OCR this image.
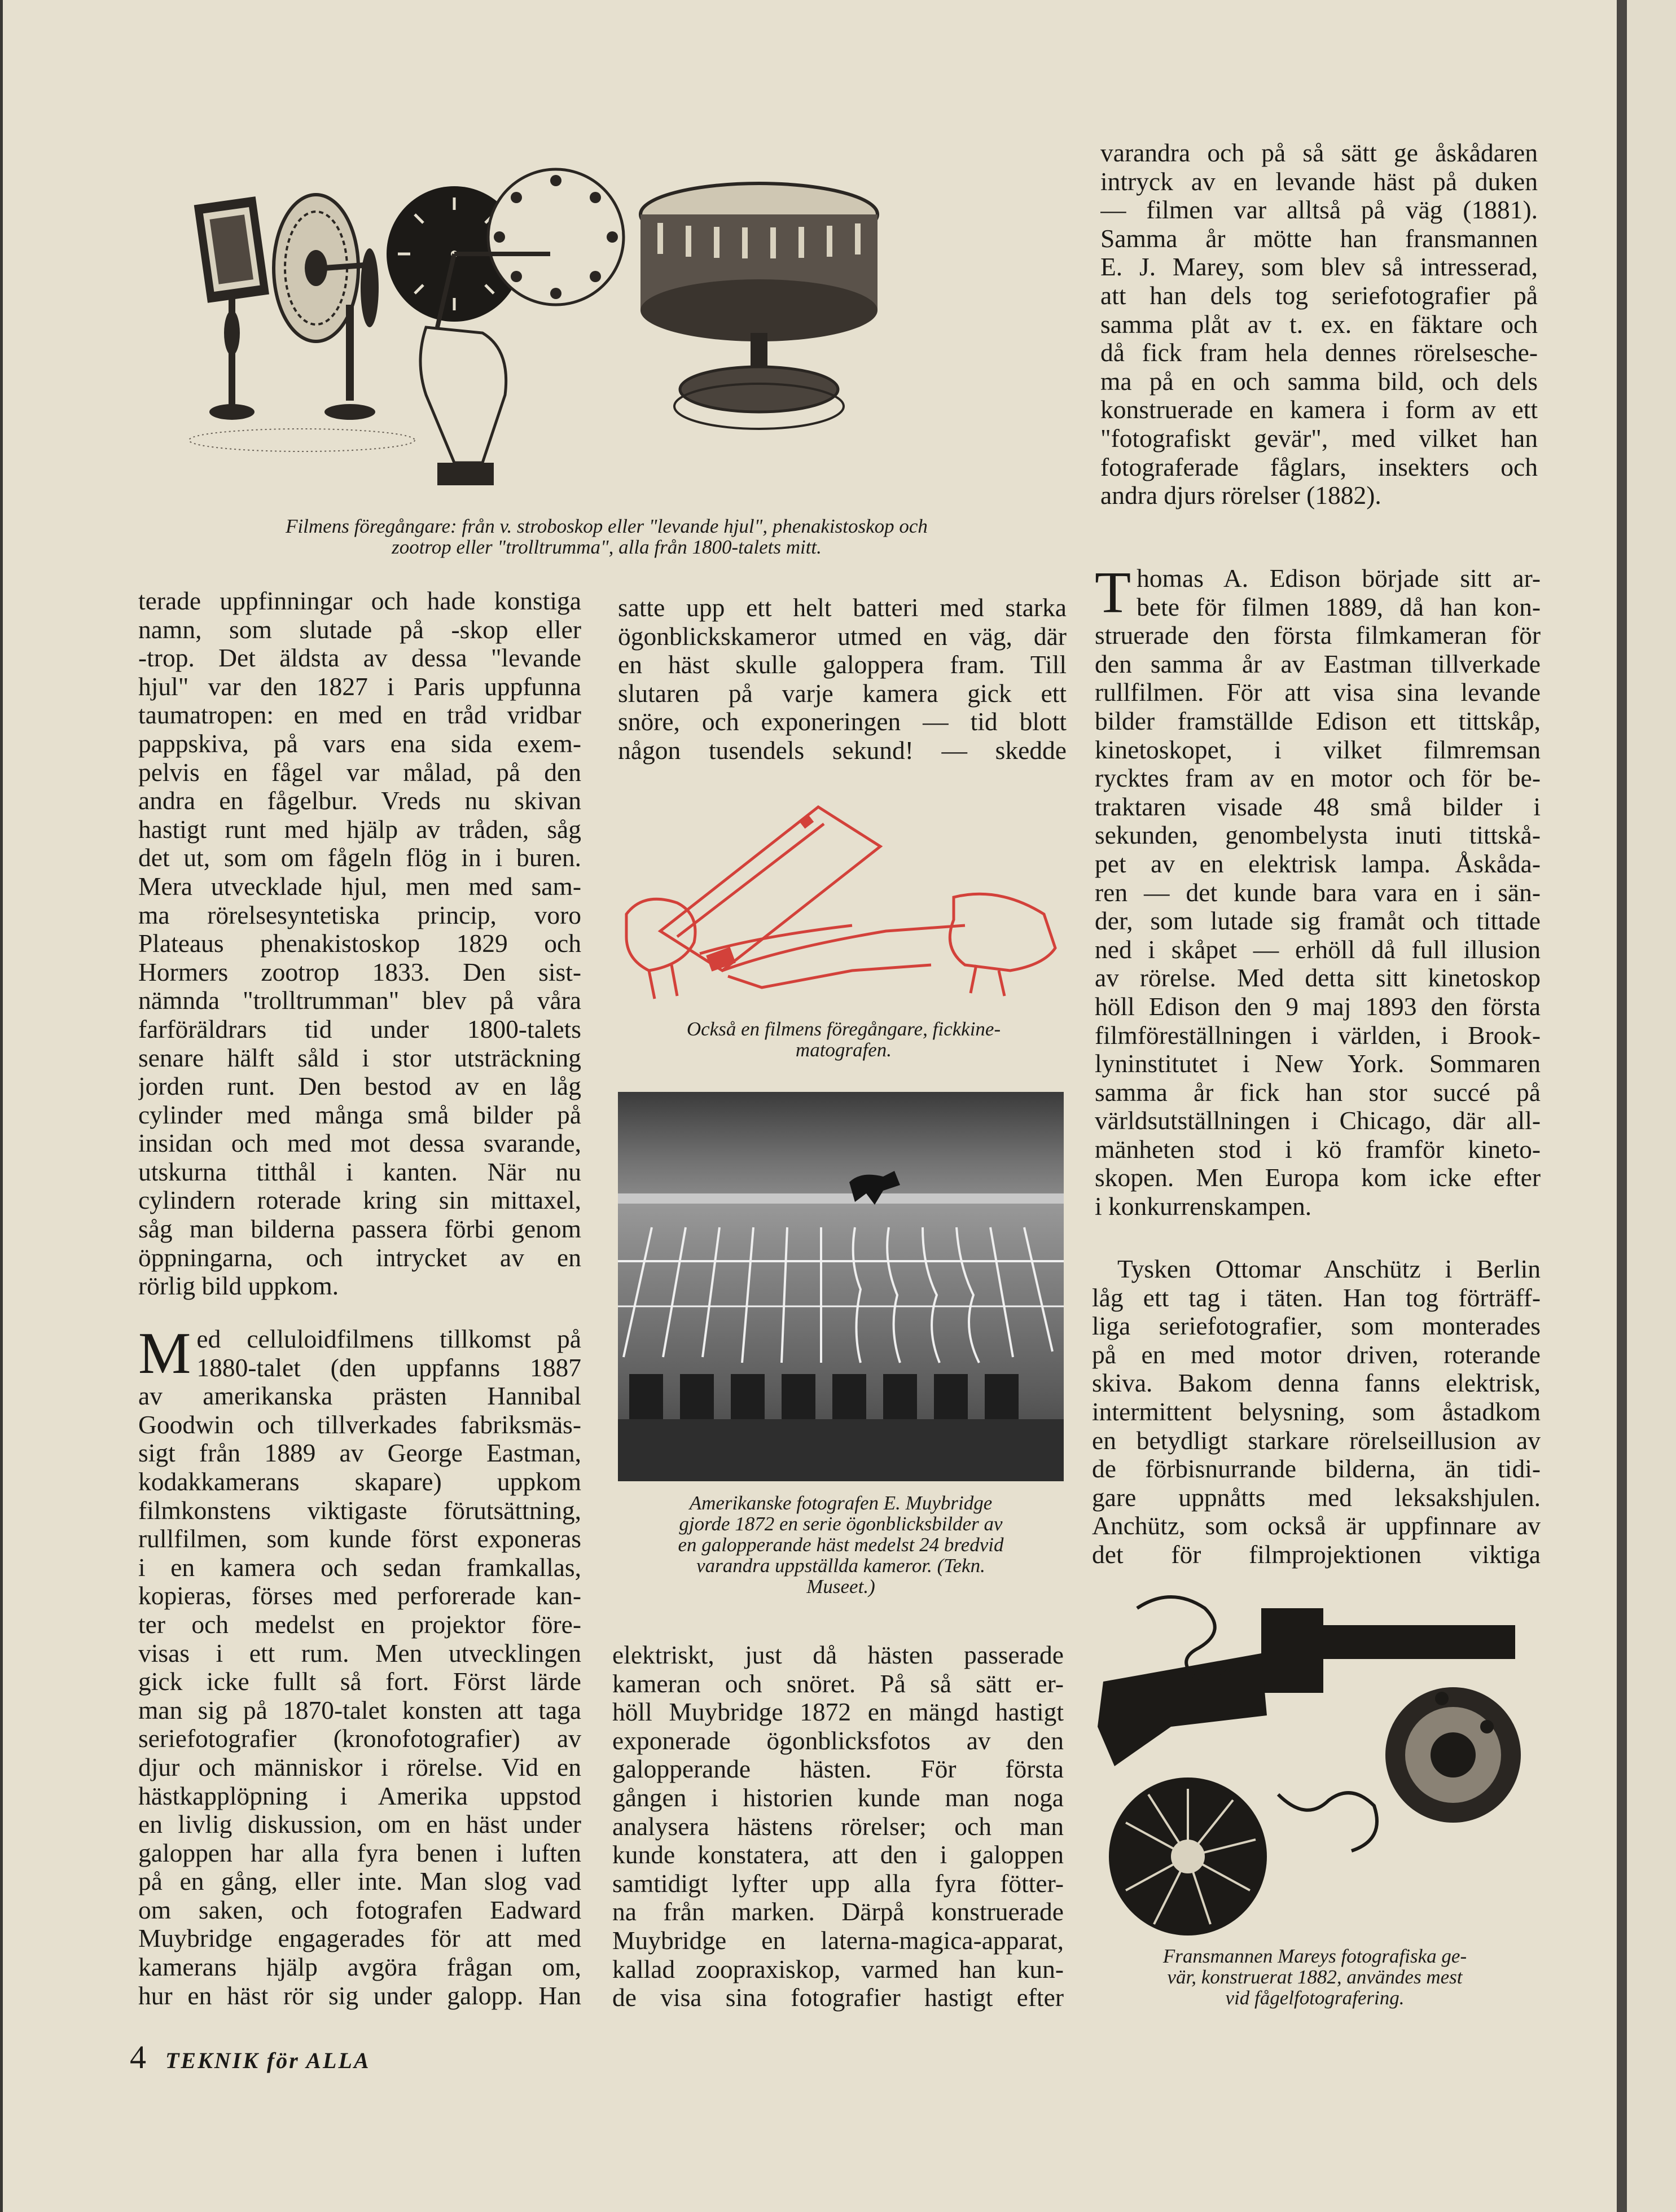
Filmens föregångare: från v. stroboskop eller "levande hjul", phenakistoskop och
zootrop eller "trolltrumma", alla från 1800-talets mitt.

terade uppfinningar och hade konstiga

namn, som slutade på -skop eller

-trop. Det äldsta av dessa "levande

hjul" var den 1827 i Paris uppfunna

taumatropen: en med en tråd vridbar

pappskiva, på vars ena sida exem-

pelvis en fågel var målad, på den

andra en fågelbur. Vreds nu skivan

hastigt runt med hjälp av tråden, såg

det ut, som om fågeln flög in i buren.

Mera utvecklade hjul, men med sam-

ma rörelsesyntetiska princip, voro

Plateaus phenakistoskop 1829 och

Hormers zootrop 1833. Den sist-

nämnda "trolltrumman" blev på våra

farföräldrars tid under 1800-talets

senare hälft såld i stor utsträckning

jorden runt. Den bestod av en låg

cylinder med många små bilder på

insidan och med mot dessa svarande,

utskurna titthål i kanten. När nu

cylindern roterade kring sin mittaxel,

såg man bilderna passera förbi genom

öppningarna, och intrycket av en

rörlig bild uppkom.

M ed celluloidfilmens tillkomst på

1880-talet (den uppfanns 1887

av amerikanska prästen Hannibal

Goodwin och tillverkades fabriksmäs-

sigt från 1889 av George Eastman,

kodakkamerans skapare) uppkom

filmkonstens viktigaste förutsättning,

rullfilmen, som kunde först exponeras

i en kamera och sedan framkallas,

kopieras, förses med perforerade kan-

ter och medelst en projektor före-

visas i ett rum. Men utvecklingen

gick icke fullt så fort. Först lärde

man sig på 1870-talet konsten att taga

seriefotografier (kronofotografier) av

djur och människor i rörelse. Vid en

hästkapplöpning i Amerika uppstod

en livlig diskussion, om en häst under

galoppen har alla fyra benen i luften

på en gång, eller inte. Man slog vad

om saken, och fotografen Eadward

Muybridge engagerades för att med

kamerans hjälp avgöra frågan om,

hur en häst rör sig under galopp. Han

satte upp ett helt batteri med starka

ögonblickskameror utmed en väg, där

en häst skulle galoppera fram. Till

slutaren på varje kamera gick ett

snöre, och exponeringen — tid blott

någon tusendels sekund! — skedde

Också en filmens föregångare, fickkine-
matografen.
Amerikanske fotografen E. Muybridge
gjorde 1872 en serie ögonblicksbilder av
en galopperande häst medelst 24 bredvid
varandra uppställda kameror. (Tekn.
Museet.)

elektriskt, just då hästen passerade

kameran och snöret. På så sätt er-

höll Muybridge 1872 en mängd hastigt

exponerade ögonblicksfotos av den

galopperande hästen. För första

gången i historien kunde man noga

analysera hästens rörelser; och man

kunde konstatera, att den i galoppen

samtidigt lyfter upp alla fyra fötter-

na från marken. Därpå konstruerade

Muybridge en laterna-magica-apparat,

kallad zoopraxiskop, varmed han kun-

de visa sina fotografier hastigt efter

varandra och på så sätt ge åskådaren

intryck av en levande häst på duken

— filmen var alltså på väg (1881).

Samma år mötte han fransmannen

E. J. Marey, som blev så intresserad,

att han dels tog seriefotografier på

samma plåt av t. ex. en fäktare och

då fick fram hela dennes rörelsesche-

ma på en och samma bild, och dels

konstruerade en kamera i form av ett

"fotografiskt gevär", med vilket han

fotograferade fåglars, insekters och

andra djurs rörelser (1882).

T homas A. Edison började sitt ar-

bete för filmen 1889, då han kon-

struerade den första filmkameran för

den samma år av Eastman tillverkade

rullfilmen. För att visa sina levande

bilder framställde Edison ett tittskåp,

kinetoskopet, i vilket filmremsan

rycktes fram av en motor och för be-

traktaren visade 48 små bilder i

sekunden, genombelysta inuti tittskå-

pet av en elektrisk lampa. Åskåda-

ren — det kunde bara vara en i sän-

der, som lutade sig framåt och tittade

ned i skåpet — erhöll då full illusion

av rörelse. Med detta sitt kinetoskop

höll Edison den 9 maj 1893 den första

filmföreställningen i världen, i Brook-

lyninstitutet i New York. Sommaren

samma år fick han stor succé på

världsutställningen i Chicago, där all-

mänheten stod i kö framför kineto-

skopen. Men Europa kom icke efter

i konkurrenskampen.

Tysken Ottomar Anschütz i Berlin

låg ett tag i täten. Han tog förträff-

liga seriefotografier, som monterades

på en med motor driven, roterande

skiva. Bakom denna fanns elektrisk,

intermittent belysning, som åstadkom

en betydligt starkare rörelseillusion av

de förbisnurrande bilderna, än tidi-

gare uppnåtts med leksakshjulen.

Anchütz, som också är uppfinnare av

det för filmprojektionen viktiga

Fransmannen Mareys fotografiska ge-
vär, konstruerat 1882, användes mest
vid fågelfotografering.
4 TEKNIK för ALLA
